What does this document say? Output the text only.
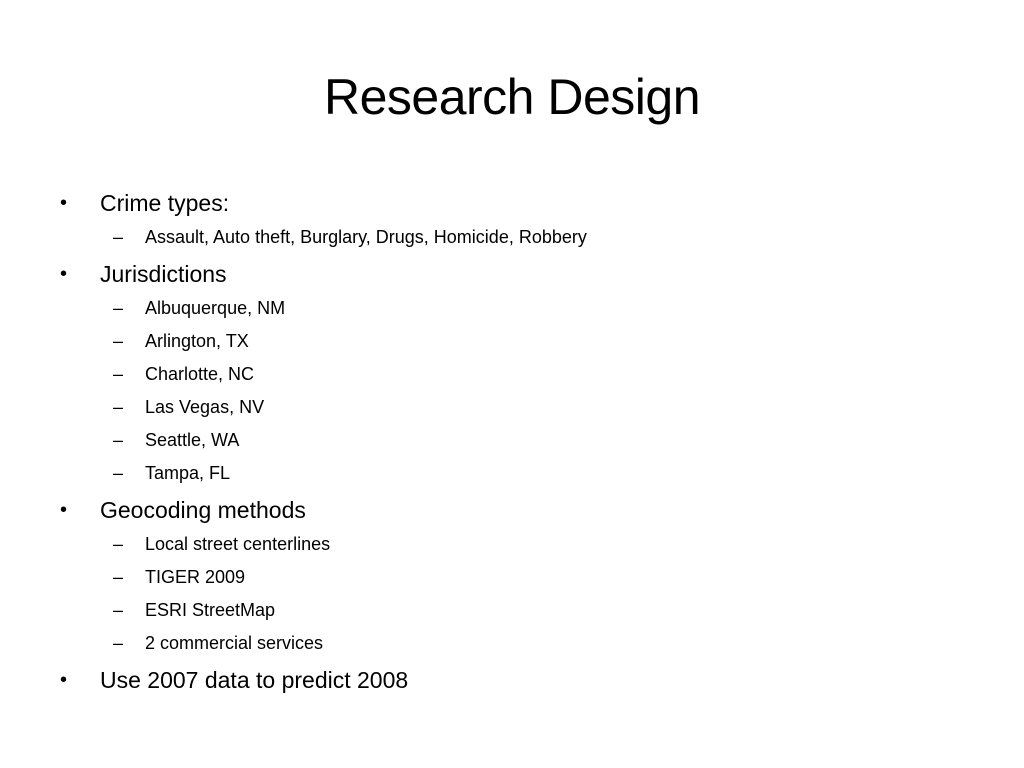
Research Design
•	Crime types:
– Assault, Auto theft, Burglary, Drugs, Homicide, Robbery
•	Jurisdictions
– Albuquerque, NM
– Arlington, TX
– Charlotte, NC
– Las Vegas, NV
– Seattle, WA
– Tampa, FL
•	Geocoding methods
– Local street centerlines
– TIGER 2009
– ESRI StreetMap
– 2 commercial services
•	Use 2007 data to predict 2008
